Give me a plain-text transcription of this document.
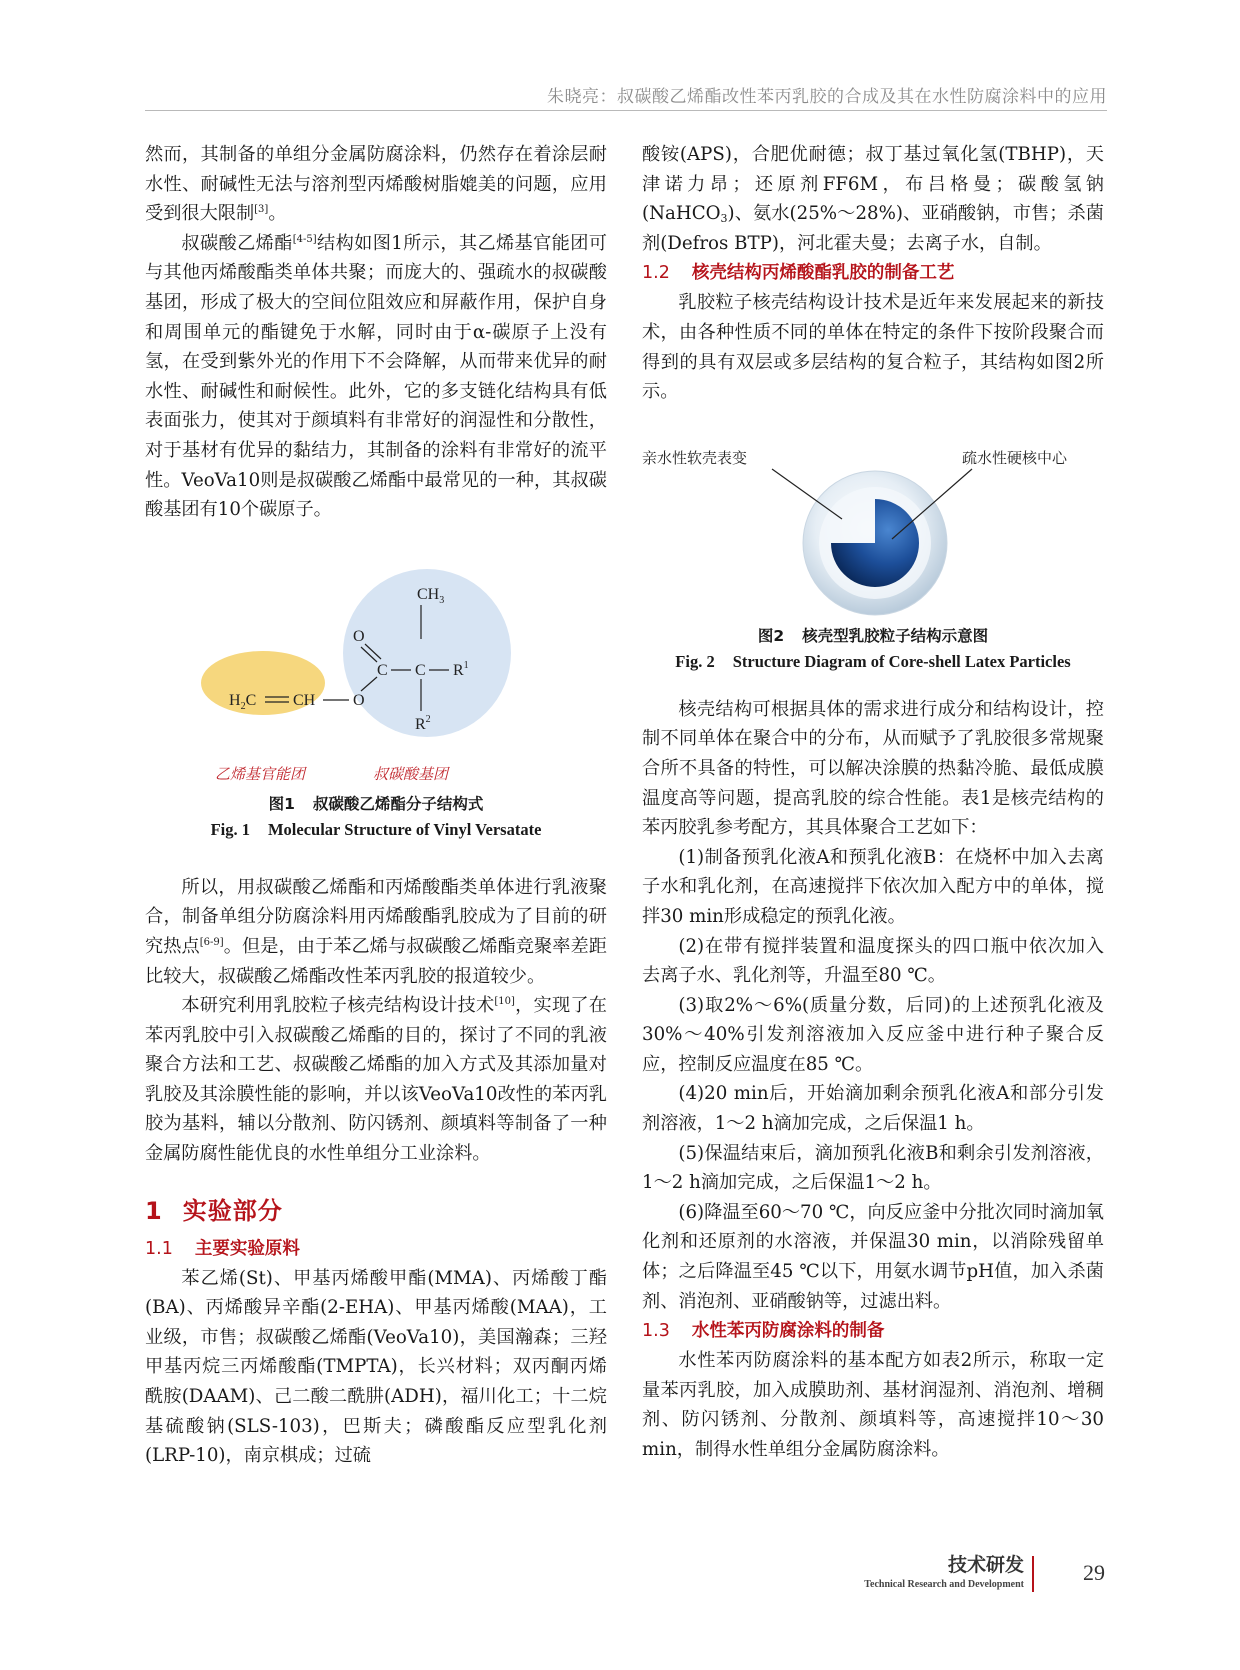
朱晓亮：叔碳酸乙烯酯改性苯丙乳胶的合成及其在水性防腐涂料中的应用

然而，其制备的单组分金属防腐涂料，仍然存在着涂层耐水性、耐碱性无法与溶剂型丙烯酸树脂媲美的问题，应用受到很大限制[3]。

叔碳酸乙烯酯[4-5]结构如图1所示，其乙烯基官能团可与其他丙烯酸酯类单体共聚；而庞大的、强疏水的叔碳酸基团，形成了极大的空间位阻效应和屏蔽作用，保护自身和周围单元的酯键免于水解，同时由于α-碳原子上没有氢，在受到紫外光的作用下不会降解，从而带来优异的耐水性、耐碱性和耐候性。此外，它的多支链化结构具有低表面张力，使其对于颜填料有非常好的润湿性和分散性，对于基材有优异的黏结力，其制备的涂料有非常好的流平性。VeoVa10则是叔碳酸乙烯酯中最常见的一种，其叔碳酸基团有10个碳原子。

$CH_3$
O
C C $R^1$
$R^2$
O
$H_2C$ CH
乙烯基官能团	叔碳酸基团
图1 叔碳酸乙烯酯分子结构式
Fig. 1 Molecular Structure of Vinyl Versatate

所以，用叔碳酸乙烯酯和丙烯酸酯类单体进行乳液聚合，制备单组分防腐涂料用丙烯酸酯乳胶成为了目前的研究热点[6-9]。但是，由于苯乙烯与叔碳酸乙烯酯竞聚率差距比较大，叔碳酸乙烯酯改性苯丙乳胶的报道较少。

本研究利用乳胶粒子核壳结构设计技术[10]，实现了在苯丙乳胶中引入叔碳酸乙烯酯的目的，探讨了不同的乳液聚合方法和工艺、叔碳酸乙烯酯的加入方式及其添加量对乳胶及其涂膜性能的影响，并以该VeoVa10改性的苯丙乳胶为基料，辅以分散剂、防闪锈剂、颜填料等制备了一种金属防腐性能优良的水性单组分工业涂料。

1 实验部分
1.1 主要实验原料

苯乙烯(St)、甲基丙烯酸甲酯(MMA)、丙烯酸丁酯(BA)、丙烯酸异辛酯(2-EHA)、甲基丙烯酸(MAA)，工业级，市售；叔碳酸乙烯酯(VeoVa10)，美国瀚森；三羟甲基丙烷三丙烯酸酯(TMPTA)，长兴材料；双丙酮丙烯酰胺(DAAM)、己二酸二酰肼(ADH)，福川化工；十二烷基硫酸钠(SLS-103)，巴斯夫；磷酸酯反应型乳化剂(LRP-10)，南京棋成；过硫

酸铵(APS)，合肥优耐德；叔丁基过氧化氢(TBHP)，天津诺力昂；还原剂FF6M，布吕格曼；碳酸氢钠(NaHCO$_3$)、氨水(25%～28%)、亚硝酸钠，市售；杀菌剂(Defros BTP)，河北霍夫曼；去离子水，自制。

1.2 核壳结构丙烯酸酯乳胶的制备工艺

乳胶粒子核壳结构设计技术是近年来发展起来的新技术，由各种性质不同的单体在特定的条件下按阶段聚合而得到的具有双层或多层结构的复合粒子，其结构如图2所示。

亲水性软壳表变	疏水性硬核中心
图2 核壳型乳胶粒子结构示意图
Fig. 2 Structure Diagram of Core-shell Latex Particles

核壳结构可根据具体的需求进行成分和结构设计，控制不同单体在聚合中的分布，从而赋予了乳胶很多常规聚合所不具备的特性，可以解决涂膜的热黏冷脆、最低成膜温度高等问题，提高乳胶的综合性能。表1是核壳结构的苯丙胶乳参考配方，其具体聚合工艺如下：

(1)制备预乳化液A和预乳化液B：在烧杯中加入去离子水和乳化剂，在高速搅拌下依次加入配方中的单体，搅拌30 min形成稳定的预乳化液。

(2)在带有搅拌装置和温度探头的四口瓶中依次加入去离子水、乳化剂等，升温至80 ℃。

(3)取2%～6%(质量分数，后同)的上述预乳化液及30%～40%引发剂溶液加入反应釜中进行种子聚合反应，控制反应温度在85 ℃。

(4)20 min后，开始滴加剩余预乳化液A和部分引发剂溶液，1～2 h滴加完成，之后保温1 h。

(5)保温结束后，滴加预乳化液B和剩余引发剂溶液，1～2 h滴加完成，之后保温1～2 h。

(6)降温至60～70 ℃，向反应釜中分批次同时滴加氧化剂和还原剂的水溶液，并保温30 min，以消除残留单体；之后降温至45 ℃以下，用氨水调节pH值，加入杀菌剂、消泡剂、亚硝酸钠等，过滤出料。

1.3 水性苯丙防腐涂料的制备

水性苯丙防腐涂料的基本配方如表2所示，称取一定量苯丙乳胶，加入成膜助剂、基材润湿剂、消泡剂、增稠剂、防闪锈剂、分散剂、颜填料等，高速搅拌10～30 min，制得水性单组分金属防腐涂料。

技术研发
Technical Research and Development	29
